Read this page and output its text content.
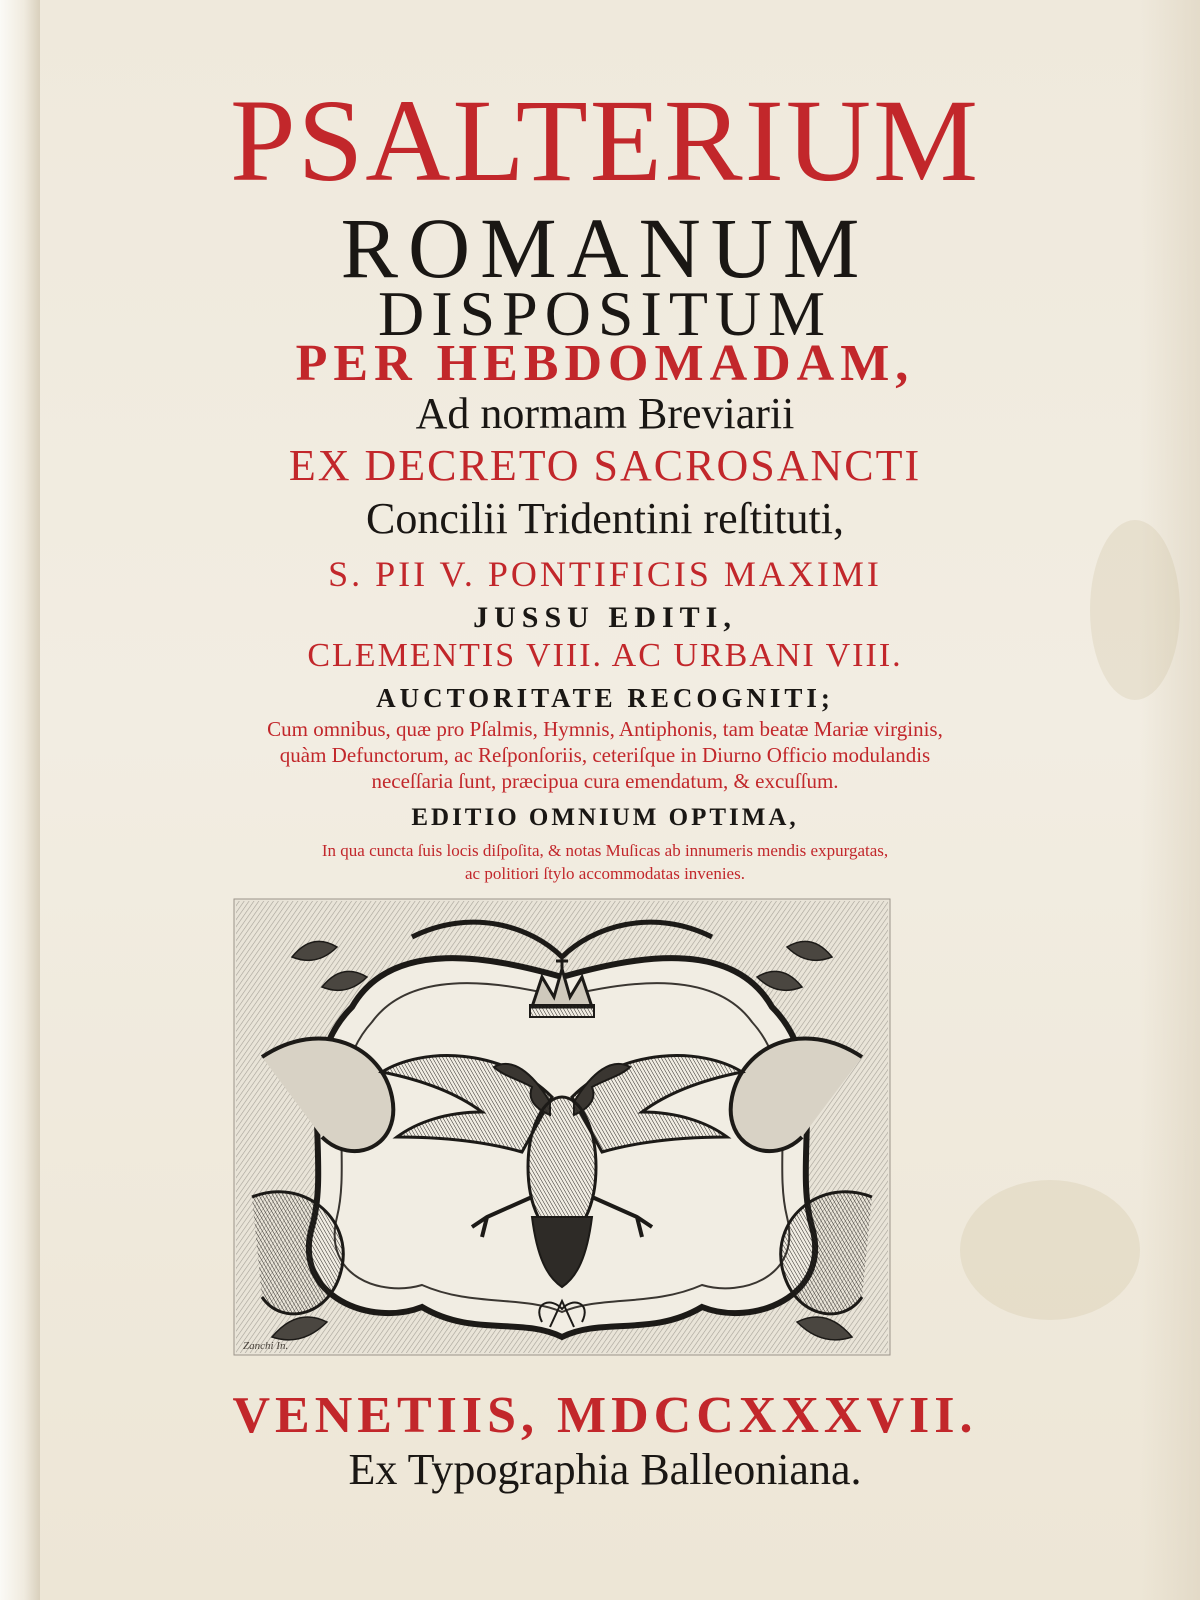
PSALTERIUM
ROMANUM
DISPOSITUM
PER HEBDOMADAM,
Ad normam Breviarii
EX DECRETO SACROSANCTI
Concilii Tridentini reſtituti,
S. PII V. PONTIFICIS MAXIMI
JUSSU EDITI,
CLEMENTIS VIII. AC URBANI VIII.
AUCTORITATE RECOGNITI;
Cum omnibus, quæ pro Pſalmis, Hymnis, Antiphonis, tam beatæ Mariæ virginis,
quàm Defunctorum, ac Reſponſoriis, ceteriſque in Diurno Officio modulandis
neceſſaria ſunt, præcipua cura emendatum, & excuſſum.
EDITIO OMNIUM OPTIMA,
In qua cuncta ſuis locis diſpoſita, & notas Muſicas ab innumeris mendis expurgatas,
ac politiori ſtylo accommodatas invenies.
Zanchi In.
VENETIIS, MDCCXXXVII.
Ex Typographia Balleoniana.
